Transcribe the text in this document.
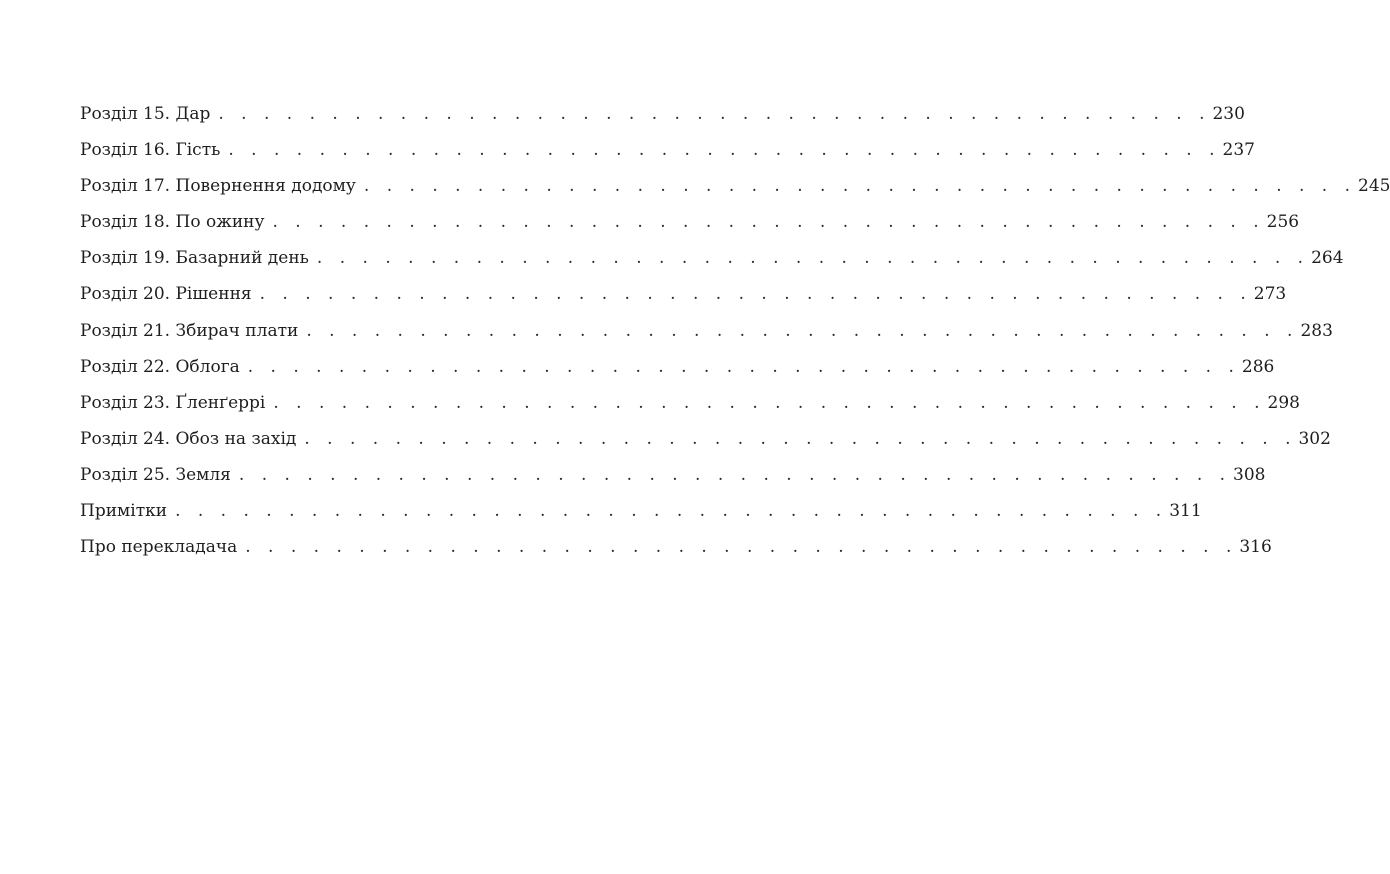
Розділ 15. Дар . . . . . . . . . . . . . . . . . . . . . . . . . . . . . . . . . . . . . . . . . . . . 230
Розділ 16. Гість . . . . . . . . . . . . . . . . . . . . . . . . . . . . . . . . . . . . . . . . . . . . 237
Розділ 17. Повернення додому . . . . . . . . . . . . . . . . . . . . . . . . . . . . . . . . . . . . . . . . . . . . 245
Розділ 18. По ожину . . . . . . . . . . . . . . . . . . . . . . . . . . . . . . . . . . . . . . . . . . . . 256
Розділ 19. Базарний день . . . . . . . . . . . . . . . . . . . . . . . . . . . . . . . . . . . . . . . . . . . . 264
Розділ 20. Рішення . . . . . . . . . . . . . . . . . . . . . . . . . . . . . . . . . . . . . . . . . . . . 273
Розділ 21. Збирач плати . . . . . . . . . . . . . . . . . . . . . . . . . . . . . . . . . . . . . . . . . . . . 283
Розділ 22. Облога . . . . . . . . . . . . . . . . . . . . . . . . . . . . . . . . . . . . . . . . . . . . 286
Розділ 23. Ґленґеррі . . . . . . . . . . . . . . . . . . . . . . . . . . . . . . . . . . . . . . . . . . . . 298
Розділ 24. Обоз на захід . . . . . . . . . . . . . . . . . . . . . . . . . . . . . . . . . . . . . . . . . . . . 302
Розділ 25. Земля . . . . . . . . . . . . . . . . . . . . . . . . . . . . . . . . . . . . . . . . . . . . 308
Примітки . . . . . . . . . . . . . . . . . . . . . . . . . . . . . . . . . . . . . . . . . . . . 311
Про перекладача . . . . . . . . . . . . . . . . . . . . . . . . . . . . . . . . . . . . . . . . . . . . 316
